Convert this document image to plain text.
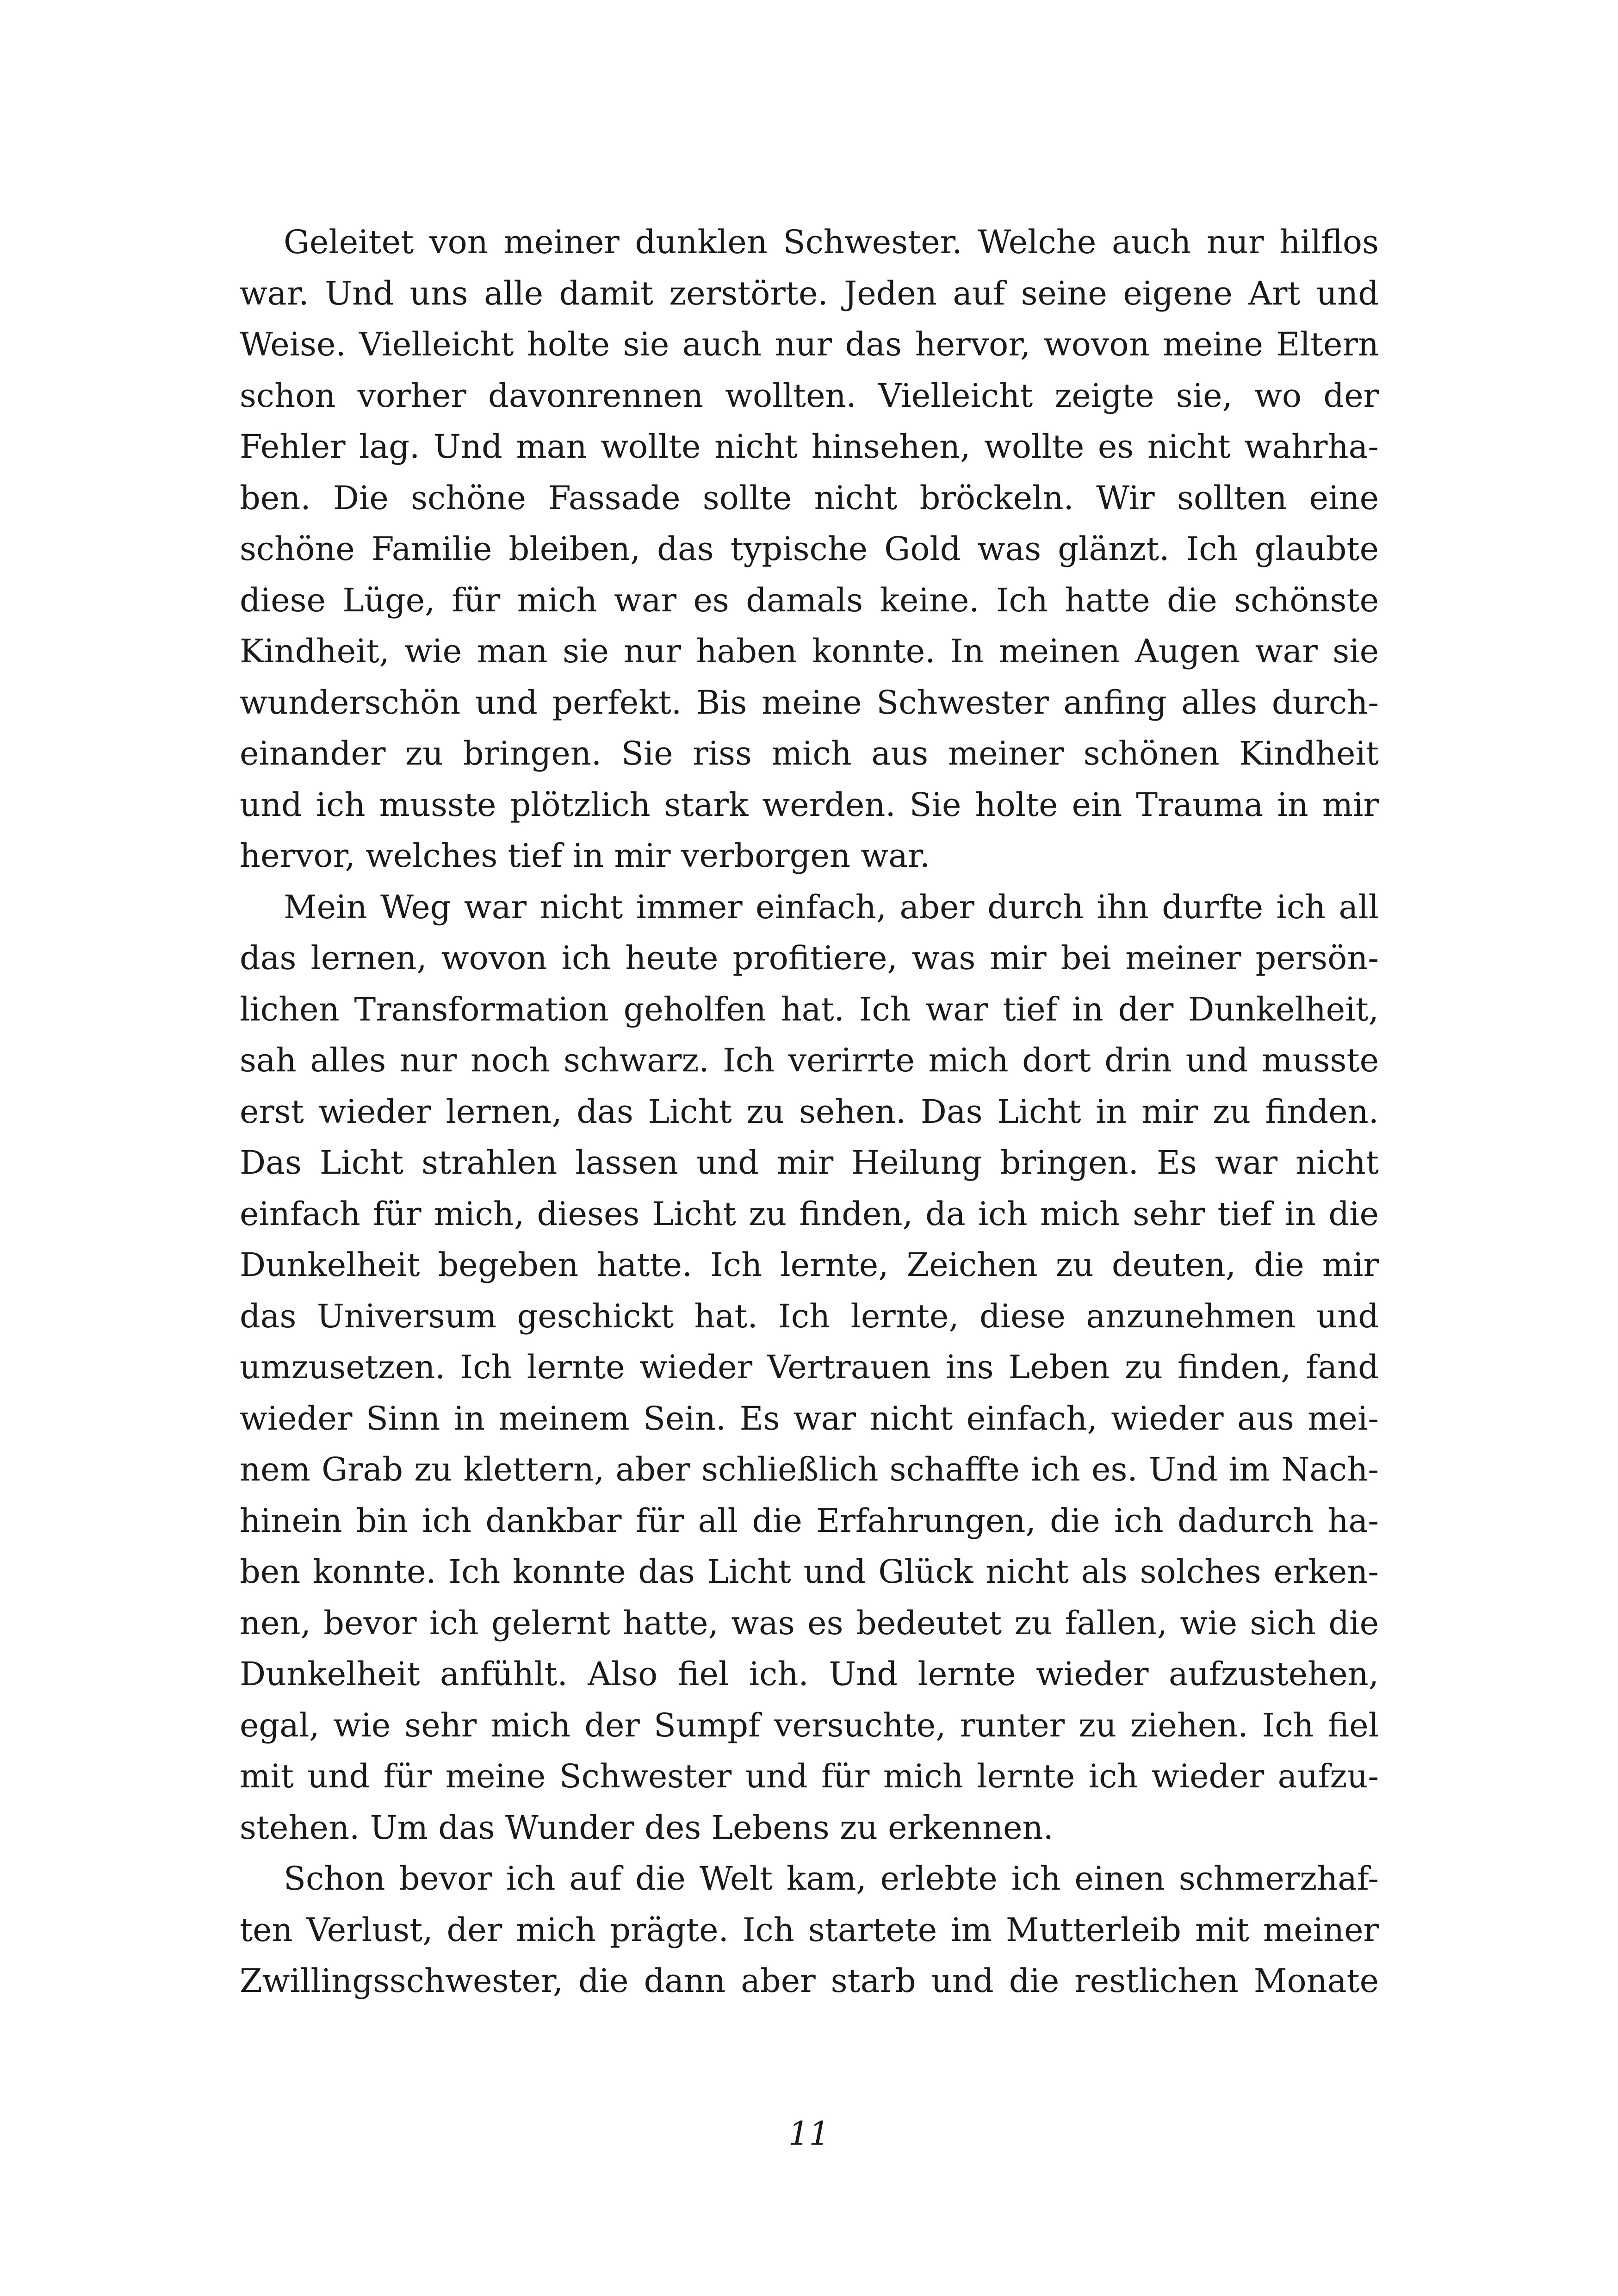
Geleitet von meiner dunklen Schwester. Welche auch nur hilflos
war. Und uns alle damit zerstörte. Jeden auf seine eigene Art und
Weise. Vielleicht holte sie auch nur das hervor, wovon meine Eltern
schon vorher davonrennen wollten. Vielleicht zeigte sie, wo der
Fehler lag. Und man wollte nicht hinsehen, wollte es nicht wahrha-
ben. Die schöne Fassade sollte nicht bröckeln. Wir sollten eine
schöne Familie bleiben, das typische Gold was glänzt. Ich glaubte
diese Lüge, für mich war es damals keine. Ich hatte die schönste
Kindheit, wie man sie nur haben konnte. In meinen Augen war sie
wunderschön und perfekt. Bis meine Schwester anfing alles durch-
einander zu bringen. Sie riss mich aus meiner schönen Kindheit
und ich musste plötzlich stark werden. Sie holte ein Trauma in mir
hervor, welches tief in mir verborgen war.
Mein Weg war nicht immer einfach, aber durch ihn durfte ich all
das lernen, wovon ich heute profitiere, was mir bei meiner persön-
lichen Transformation geholfen hat. Ich war tief in der Dunkelheit,
sah alles nur noch schwarz. Ich verirrte mich dort drin und musste
erst wieder lernen, das Licht zu sehen. Das Licht in mir zu finden.
Das Licht strahlen lassen und mir Heilung bringen. Es war nicht
einfach für mich, dieses Licht zu finden, da ich mich sehr tief in die
Dunkelheit begeben hatte. Ich lernte, Zeichen zu deuten, die mir
das Universum geschickt hat. Ich lernte, diese anzunehmen und
umzusetzen. Ich lernte wieder Vertrauen ins Leben zu finden, fand
wieder Sinn in meinem Sein. Es war nicht einfach, wieder aus mei-
nem Grab zu klettern, aber schließlich schaffte ich es. Und im Nach-
hinein bin ich dankbar für all die Erfahrungen, die ich dadurch ha-
ben konnte. Ich konnte das Licht und Glück nicht als solches erken-
nen, bevor ich gelernt hatte, was es bedeutet zu fallen, wie sich die
Dunkelheit anfühlt. Also fiel ich. Und lernte wieder aufzustehen,
egal, wie sehr mich der Sumpf versuchte, runter zu ziehen. Ich fiel
mit und für meine Schwester und für mich lernte ich wieder aufzu-
stehen. Um das Wunder des Lebens zu erkennen.
Schon bevor ich auf die Welt kam, erlebte ich einen schmerzhaf-
ten Verlust, der mich prägte. Ich startete im Mutterleib mit meiner
Zwillingsschwester, die dann aber starb und die restlichen Monate
11
